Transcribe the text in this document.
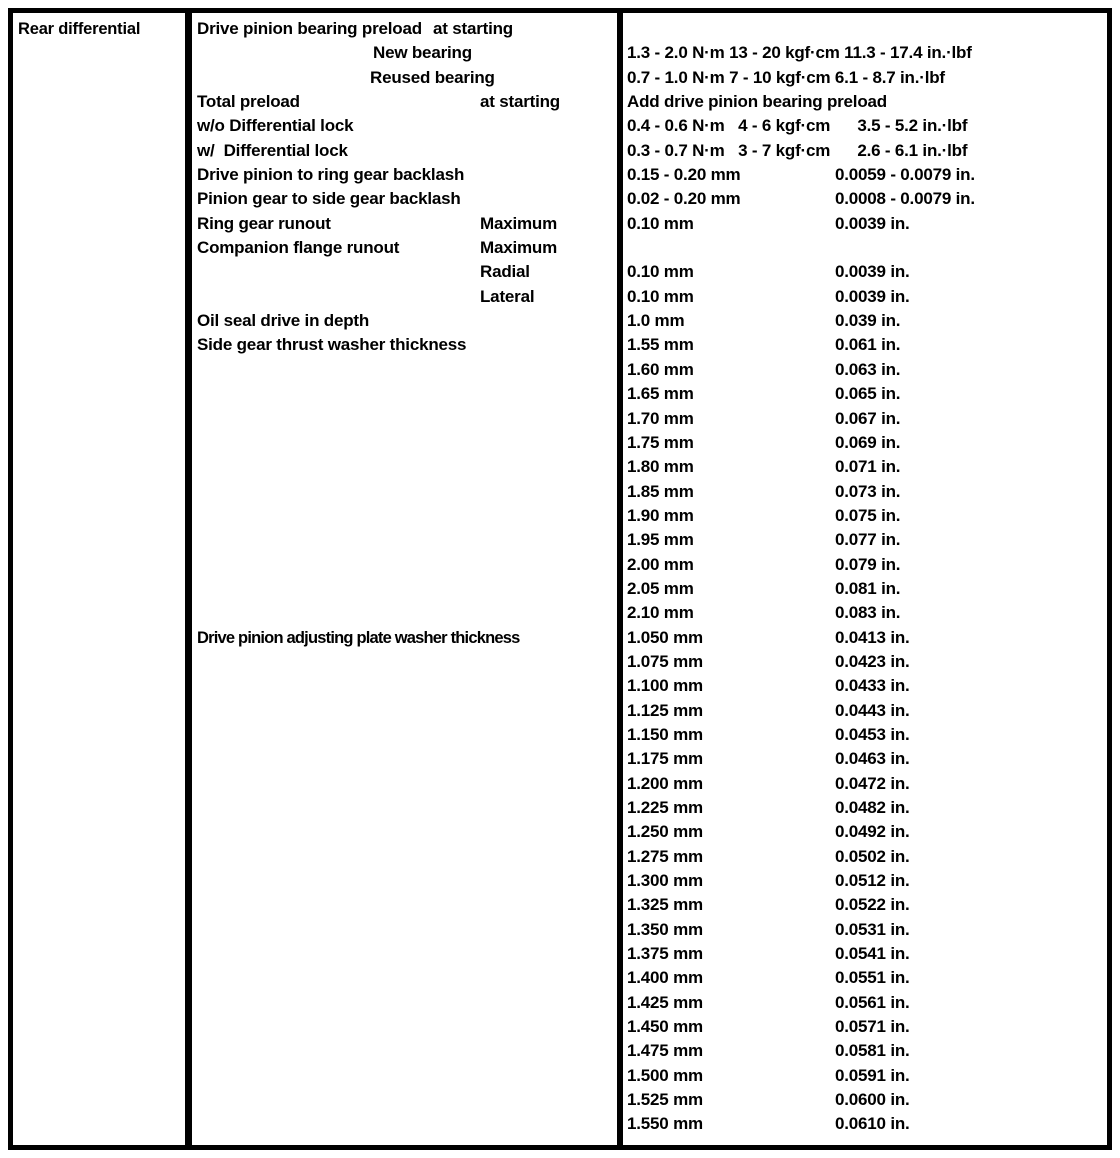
Rear differential	Drive pinion bearing preload at starting
New bearing	1.3 - 2.0 N·m 13 - 20 kgf·cm 11.3 - 17.4 in.·lbf
Reused bearing	0.7 - 1.0 N·m 7 - 10 kgf·cm 6.1 - 8.7 in.·lbf
Total preload	at starting	Add drive pinion bearing preload
w/o Differential lock	0.4 - 0.6 N·m   4 - 6 kgf·cm      3.5 - 5.2 in.·lbf
w/  Differential lock	0.3 - 0.7 N·m   3 - 7 kgf·cm      2.6 - 6.1 in.·lbf
Drive pinion to ring gear backlash	0.15 - 0.20 mm	0.0059 - 0.0079 in.
Pinion gear to side gear backlash	0.02 - 0.20 mm	0.0008 - 0.0079 in.
Ring gear runout	Maximum	0.10 mm	0.0039 in.
Companion flange runout	Maximum
Radial	0.10 mm	0.0039 in.
Lateral	0.10 mm	0.0039 in.
Oil seal drive in depth	1.0 mm	0.039 in.
Side gear thrust washer thickness	1.55 mm	0.061 in.
1.60 mm	0.063 in.
1.65 mm	0.065 in.
1.70 mm	0.067 in.
1.75 mm	0.069 in.
1.80 mm	0.071 in.
1.85 mm	0.073 in.
1.90 mm	0.075 in.
1.95 mm	0.077 in.
2.00 mm	0.079 in.
2.05 mm	0.081 in.
2.10 mm	0.083 in.
Drive pinion adjusting plate washer thickness	1.050 mm	0.0413 in.
1.075 mm	0.0423 in.
1.100 mm	0.0433 in.
1.125 mm	0.0443 in.
1.150 mm	0.0453 in.
1.175 mm	0.0463 in.
1.200 mm	0.0472 in.
1.225 mm	0.0482 in.
1.250 mm	0.0492 in.
1.275 mm	0.0502 in.
1.300 mm	0.0512 in.
1.325 mm	0.0522 in.
1.350 mm	0.0531 in.
1.375 mm	0.0541 in.
1.400 mm	0.0551 in.
1.425 mm	0.0561 in.
1.450 mm	0.0571 in.
1.475 mm	0.0581 in.
1.500 mm	0.0591 in.
1.525 mm	0.0600 in.
1.550 mm	0.0610 in.
